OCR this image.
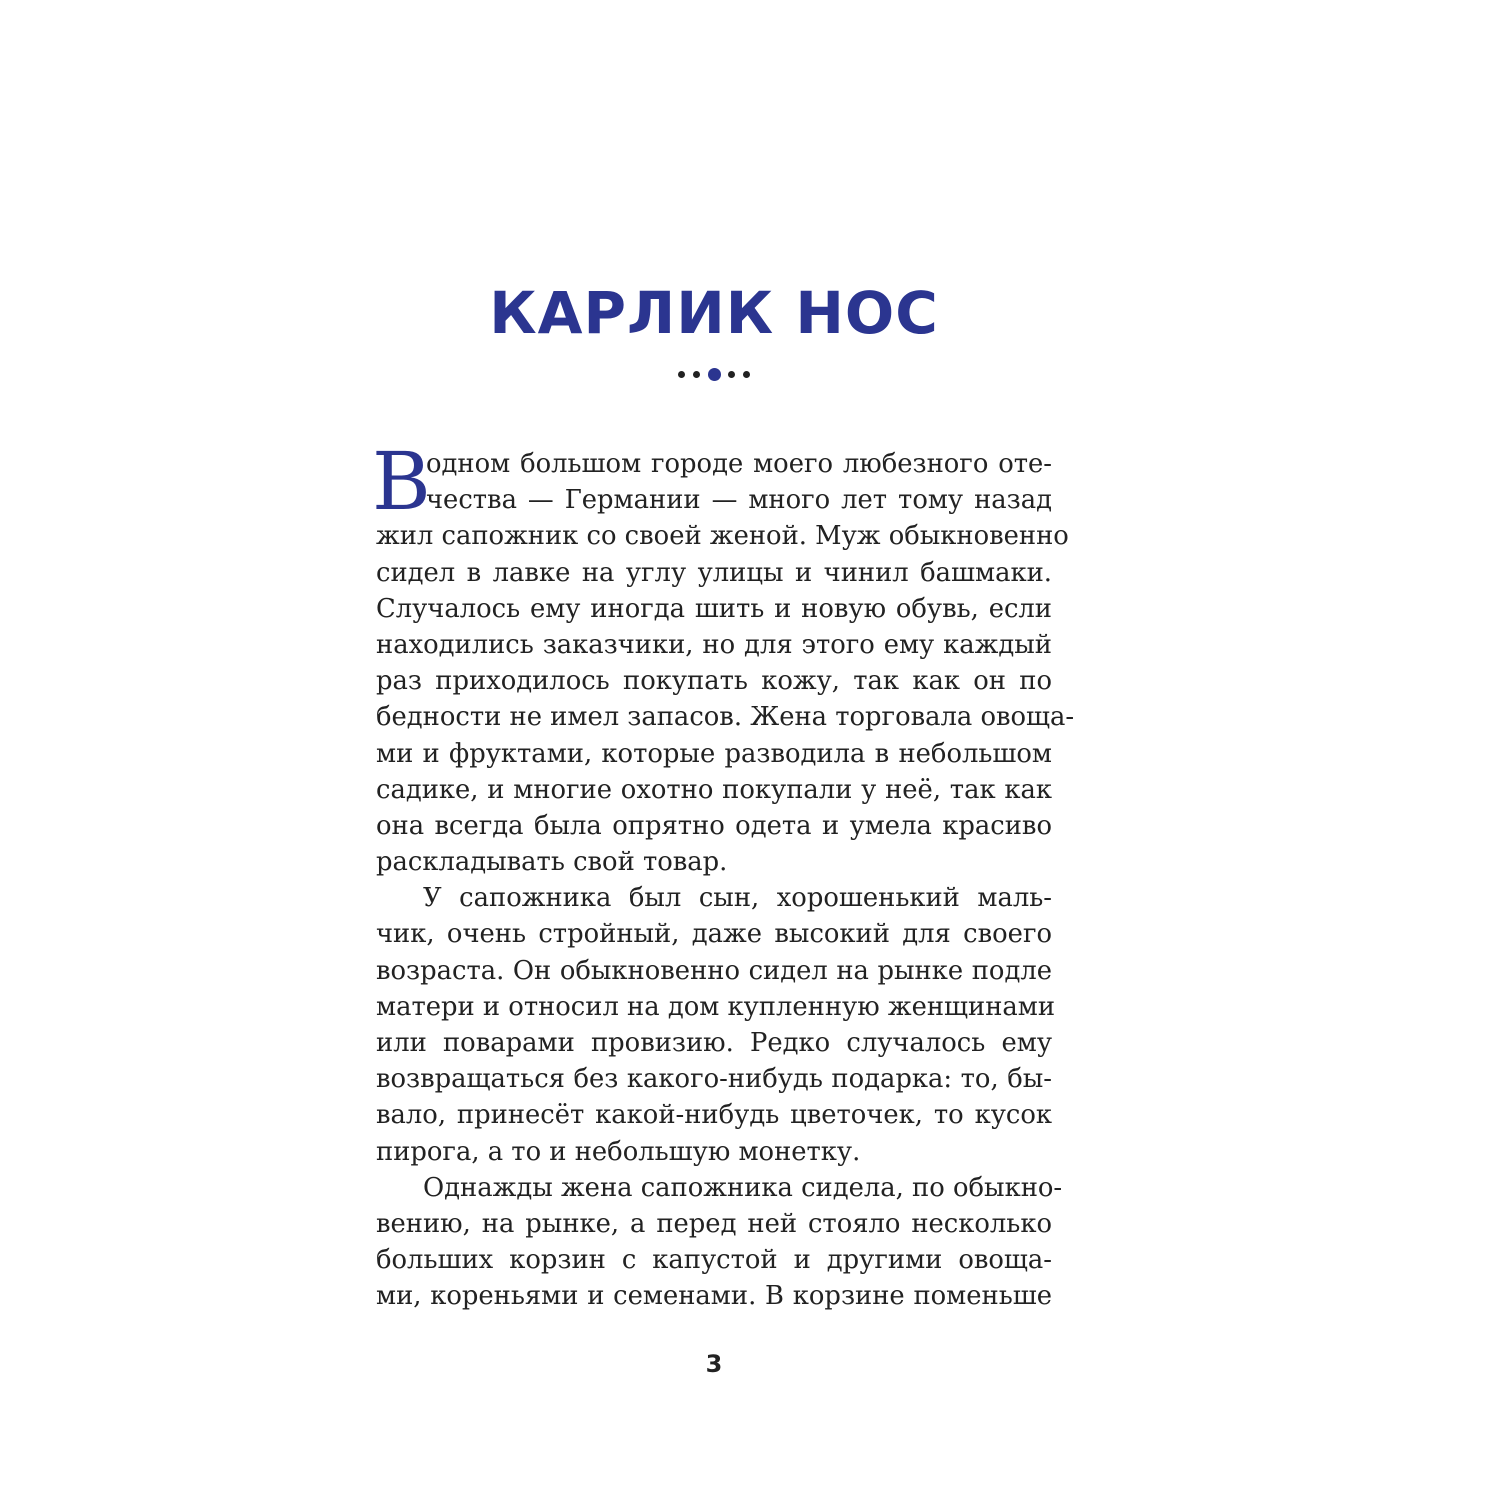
КАРЛИК НОС
В
одном большом городе моего любезного оте-
чества — Германии — много лет тому назад
жил сапожник со своей женой. Муж обыкновенно
сидел в лавке на углу улицы и чинил башмаки.
Случалось ему иногда шить и новую обувь, если
находились заказчики, но для этого ему каждый
раз приходилось покупать кожу, так как он по
бедности не имел запасов. Жена торговала овоща-
ми и фруктами, которые разводила в небольшом
садике, и многие охотно покупали у неё, так как
она всегда была опрятно одета и умела красиво
раскладывать свой товар.
У сапожника был сын, хорошенький маль-
чик, очень стройный, даже высокий для своего
возраста. Он обыкновенно сидел на рынке подле
матери и относил на дом купленную женщинами
или поварами провизию. Редко случалось ему
возвращаться без какого-нибудь подарка: то, бы-
вало, принесёт какой-нибудь цветочек, то кусок
пирога, а то и небольшую монетку.
Однажды жена сапожника сидела, по обыкно-
вению, на рынке, а перед ней стояло несколько
больших корзин с капустой и другими овоща-
ми, кореньями и семенами. В корзине поменьше
3
